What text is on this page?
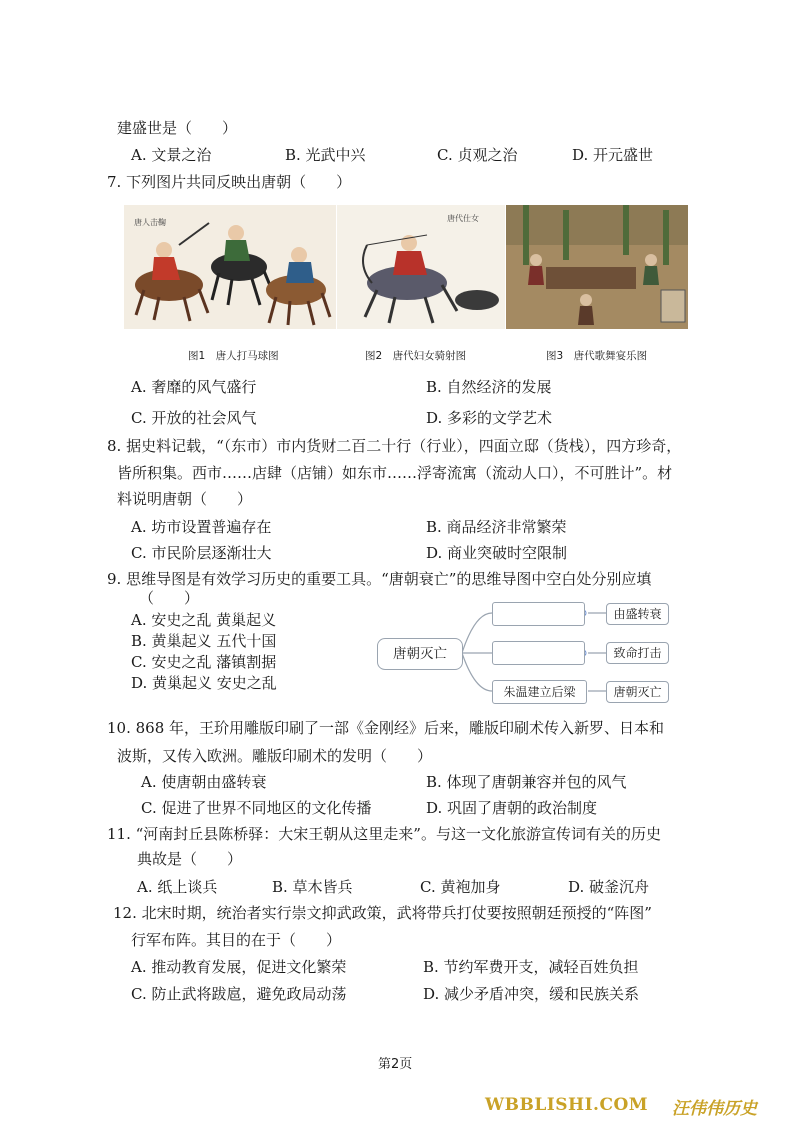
建盛世是（　　）
A. 文景之治	B. 光武中兴	C. 贞观之治	D. 开元盛世
7. 下列图片共同反映出唐朝（　　）
唐人击鞠	唐代仕女
图1　唐人打马球图	图2　唐代妇女骑射图	图3　唐代歌舞宴乐图
A. 奢靡的风气盛行	B. 自然经济的发展
C. 开放的社会风气	D. 多彩的文学艺术
8. 据史料记载，“（东市）市内货财二百二十行（行业），四面立邸（货栈），四方珍奇，
皆所积集。西市……店肆（店铺）如东市……浮寄流寓（流动人口），不可胜计”。材
料说明唐朝（　　）
A. 坊市设置普遍存在	B. 商品经济非常繁荣
C. 市民阶层逐渐壮大	D. 商业突破时空限制
9. 思维导图是有效学习历史的重要工具。“唐朝衰亡”的思维导图中空白处分别应填
（　　）
A. 安史之乱 黄巢起义
B. 黄巢起义 五代十国
C. 安史之乱 藩镇割据
D. 黄巢起义 安史之乱
唐朝灭亡
朱温建立后梁
由盛转衰
致命打击
唐朝灭亡
10. 868 年，王玠用雕版印刷了一部《金刚经》后来，雕版印刷术传入新罗、日本和
波斯，又传入欧洲。雕版印刷术的发明（　　）
A. 使唐朝由盛转衰	B. 体现了唐朝兼容并包的风气
C. 促进了世界不同地区的文化传播	D. 巩固了唐朝的政治制度
11. “河南封丘县陈桥驿：大宋王朝从这里走来”。与这一文化旅游宣传词有关的历史
典故是（　　）
A. 纸上谈兵	B. 草木皆兵	C. 黄袍加身	D. 破釜沉舟
12. 北宋时期，统治者实行崇文抑武政策，武将带兵打仗要按照朝廷预授的“阵图”
行军布阵。其目的在于（　　）
A. 推动教育发展，促进文化繁荣	B. 节约军费开支，减轻百姓负担
C. 防止武将跋扈，避免政局动荡	D. 减少矛盾冲突，缓和民族关系
第2页
WBBLISHI.COM 汪伟伟历史
